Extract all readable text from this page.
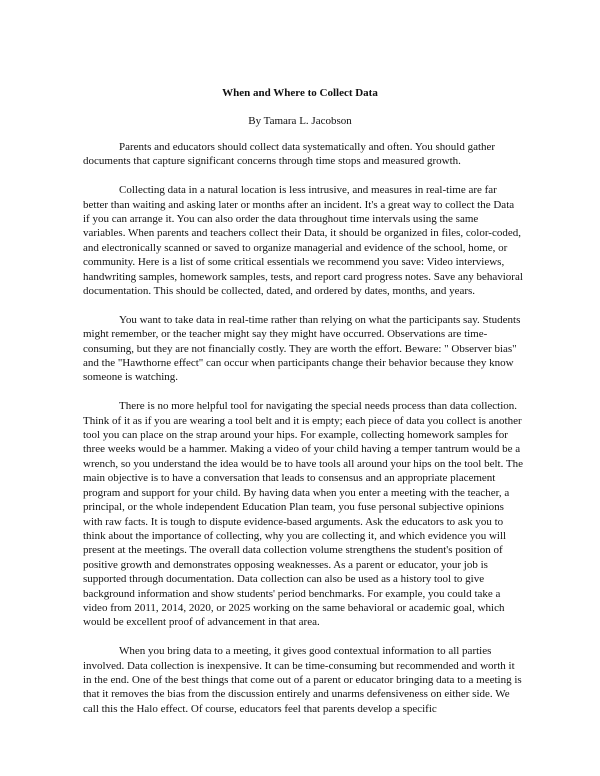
When and Where to Collect Data
By Tamara L. Jacobson

Parents and educators should collect data systematically and often. You should gather documents that capture significant concerns through time stops and measured growth.

Collecting data in a natural location is less intrusive, and measures in real-time are far better than waiting and asking later or months after an incident. It's a great way to collect the Data if you can arrange it. You can also order the data throughout time intervals using the same variables. When parents and teachers collect their Data, it should be organized in files, color-coded, and electronically scanned or saved to organize managerial and evidence of the school, home, or community. Here is a list of some critical essentials we recommend you save: Video interviews, handwriting samples, homework samples, tests, and report card progress notes. Save any behavioral documentation. This should be collected, dated, and ordered by dates, months, and years.

You want to take data in real-time rather than relying on what the participants say. Students might remember, or the teacher might say they might have occurred. Observations are time-consuming, but they are not financially costly. They are worth the effort. Beware: " Observer bias" and the "Hawthorne effect" can occur when participants change their behavior because they know someone is watching.

There is no more helpful tool for navigating the special needs process than data collection. Think of it as if you are wearing a tool belt and it is empty; each piece of data you collect is another tool you can place on the strap around your hips. For example, collecting homework samples for three weeks would be a hammer. Making a video of your child having a temper tantrum would be a wrench, so you understand the idea would be to have tools all around your hips on the tool belt. The main objective is to have a conversation that leads to consensus and an appropriate placement program and support for your child. By having data when you enter a meeting with the teacher, a principal, or the whole independent Education Plan team, you fuse personal subjective opinions with raw facts. It is tough to dispute evidence-based arguments. Ask the educators to ask you to think about the importance of collecting, why you are collecting it, and which evidence you will present at the meetings. The overall data collection volume strengthens the student's position of positive growth and demonstrates opposing weaknesses. As a parent or educator, your job is supported through documentation. Data collection can also be used as a history tool to give background information and show students' period benchmarks. For example, you could take a video from 2011, 2014, 2020, or 2025 working on the same behavioral or academic goal, which would be excellent proof of advancement in that area.

When you bring data to a meeting, it gives good contextual information to all parties involved. Data collection is inexpensive. It can be time-consuming but recommended and worth it in the end. One of the best things that come out of a parent or educator bringing data to a meeting is that it removes the bias from the discussion entirely and unarms defensiveness on either side. We call this the Halo effect. Of course, educators feel that parents develop a specific
